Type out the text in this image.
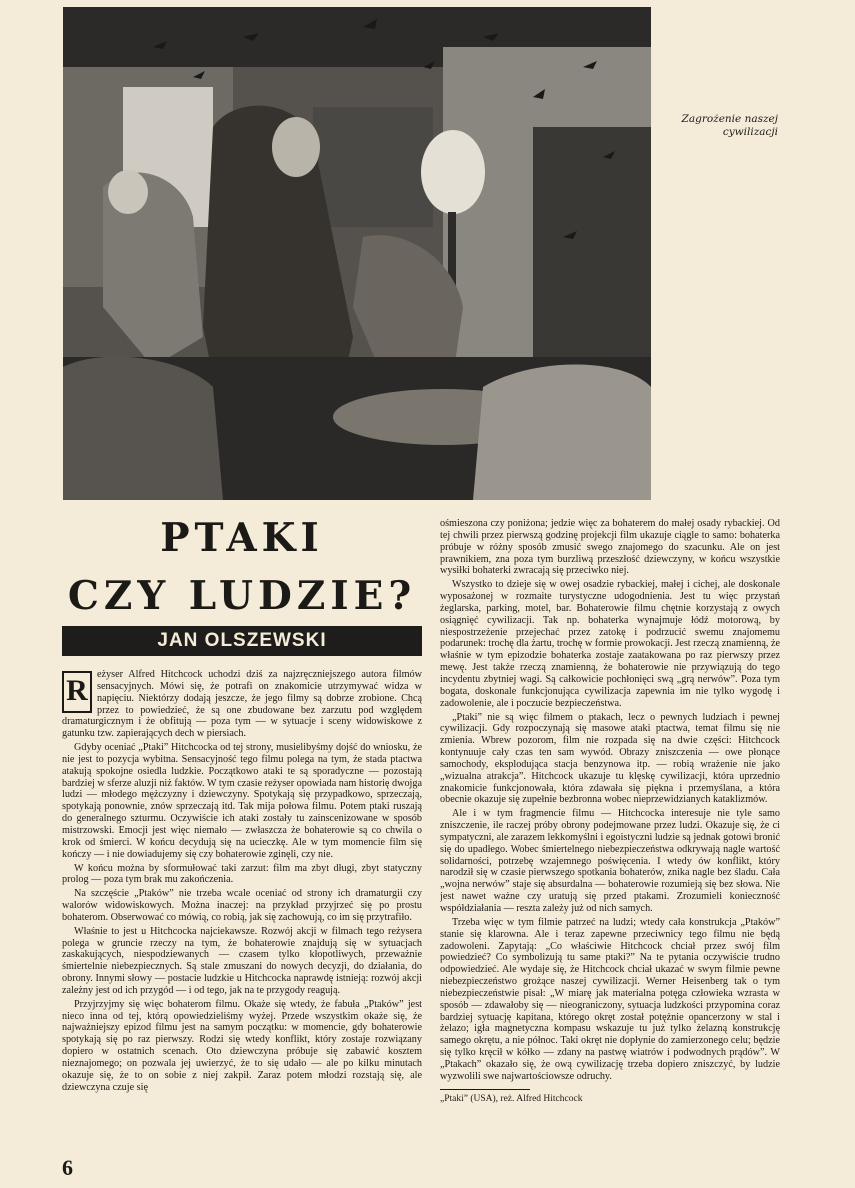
Zagrożenie naszej
cywilizacji
PTAKI
CZY LUDZIE?
JAN OLSZEWSKI

R eżyser Alfred Hitchcock uchodzi dziś za najzręczniejszego autora filmów sensacyjnych. Mówi się, że potrafi on znakomicie utrzymywać widza w napięciu. Niektórzy dodają jeszcze, że jego filmy są dobrze zrobione. Chcą przez to powiedzieć, że są one zbudowane bez zarzutu pod względem dramaturgicznym i że obfitują — poza tym — w sytuacje i sceny widowiskowe z gatunku tzw. zapierających dech w piersiach.

Gdyby oceniać „Ptaki” Hitchcocka od tej strony, musielibyśmy dojść do wniosku, że nie jest to pozycja wybitna. Sensacyjność tego filmu polega na tym, że stada ptactwa atakują spokojne osiedla ludzkie. Początkowo ataki te są sporadyczne — pozostają bardziej w sferze aluzji niż faktów. W tym czasie reżyser opowiada nam historię dwojga ludzi — młodego mężczyzny i dziewczyny. Spotykają się przypadkowo, sprzeczają, spotykają ponownie, znów sprzeczają itd. Tak mija połowa filmu. Potem ptaki ruszają do generalnego szturmu. Oczywiście ich ataki zostały tu zainscenizowane w sposób mistrzowski. Emocji jest więc niemało — zwłaszcza że bohaterowie są co chwila o krok od śmierci. W końcu decydują się na ucieczkę. Ale w tym momencie film się kończy — i nie dowiadujemy się czy bohaterowie zginęli, czy nie.

W końcu można by sformułować taki zarzut: film ma zbyt długi, zbyt statyczny prolog — poza tym brak mu zakończenia.

Na szczęście „Ptaków” nie trzeba wcale oceniać od strony ich dramaturgii czy walorów widowiskowych. Można inaczej: na przykład przyjrzeć się po prostu bohaterom. Obserwować co mówią, co robią, jak się zachowują, co im się przytrafiło.

Właśnie to jest u Hitchcocka najciekawsze. Rozwój akcji w filmach tego reżysera polega w gruncie rzeczy na tym, że bohaterowie znajdują się w sytuacjach zaskakujących, niespodziewanych — czasem tylko kłopotliwych, przeważnie śmiertelnie niebezpiecznych. Są stale zmuszani do nowych decyzji, do działania, do obrony. Innymi słowy — postacie ludzkie u Hitchcocka naprawdę istnieją: rozwój akcji zależny jest od ich przygód — i od tego, jak na te przygody reagują.

Przyjrzyjmy się więc bohaterom filmu. Okaże się wtedy, że fabuła „Ptaków” jest nieco inna od tej, którą opowiedzieliśmy wyżej. Przede wszystkim okaże się, że najważniejszy epizod filmu jest na samym początku: w momencie, gdy bohaterowie spotykają się po raz pierwszy. Rodzi się wtedy konflikt, który zostaje rozwiązany dopiero w ostatnich scenach. Oto dziewczyna próbuje się zabawić kosztem nieznajomego; on pozwala jej uwierzyć, że to się udało — ale po kilku minutach okazuje się, że to on sobie z niej zakpił. Zaraz potem młodzi rozstają się, ale dziewczyna czuje się

ośmieszona czy poniżona; jedzie więc za bohaterem do małej osady rybackiej. Od tej chwili przez pierwszą godzinę projekcji film ukazuje ciągle to samo: bohaterka próbuje w różny sposób zmusić swego znajomego do szacunku. Ale on jest prawnikiem, zna poza tym burzliwą przeszłość dziewczyny, w końcu wszystkie wysiłki bohaterki zwracają się przeciwko niej.

Wszystko to dzieje się w owej osadzie rybackiej, małej i cichej, ale doskonale wyposażonej w rozmaite turystyczne udogodnienia. Jest tu więc przystań żeglarska, parking, motel, bar. Bohaterowie filmu chętnie korzystają z owych osiągnięć cywilizacji. Tak np. bohaterka wynajmuje łódź motorową, by niespostrzeżenie przejechać przez zatokę i podrzucić swemu znajomemu podarunek: trochę dla żartu, trochę w formie prowokacji. Jest rzeczą znamienną, że właśnie w tym epizodzie bohaterka zostaje zaatakowana po raz pierwszy przez mewę. Jest także rzeczą znamienną, że bohaterowie nie przywiązują do tego incydentu zbytniej wagi. Są całkowicie pochłonięci swą „grą nerwów”. Poza tym bogata, doskonale funkcjonująca cywilizacja zapewnia im nie tylko wygodę i zadowolenie, ale i poczucie bezpieczeństwa.

„Ptaki” nie są więc filmem o ptakach, lecz o pewnych ludziach i pewnej cywilizacji. Gdy rozpoczynają się masowe ataki ptactwa, temat filmu się nie zmienia. Wbrew pozorom, film nie rozpada się na dwie części: Hitchcock kontynuuje cały czas ten sam wywód. Obrazy zniszczenia — owe płonące samochody, eksplodująca stacja benzynowa itp. — robią wrażenie nie jako „wizualna atrakcja”. Hitchcock ukazuje tu klęskę cywilizacji, która uprzednio znakomicie funkcjonowała, która zdawała się piękna i przemyślana, a która obecnie okazuje się zupełnie bezbronna wobec nieprzewidzianych kataklizmów.

Ale i w tym fragmencie filmu — Hitchcocka interesuje nie tyle samo zniszczenie, ile raczej próby obrony podejmowane przez ludzi. Okazuje się, że ci sympatyczni, ale zarazem lekkomyślni i egoistyczni ludzie są jednak gotowi bronić się do upadłego. Wobec śmiertelnego niebezpieczeństwa odkrywają nagle wartość solidarności, potrzebę wzajemnego poświęcenia. I wtedy ów konflikt, który narodził się w czasie pierwszego spotkania bohaterów, znika nagle bez śladu. Cała „wojna nerwów” staje się absurdalna — bohaterowie rozumieją się bez słowa. Nie jest nawet ważne czy uratują się przed ptakami. Zrozumieli konieczność współdziałania — reszta zależy już od nich samych.

Trzeba więc w tym filmie patrzeć na ludzi; wtedy cała konstrukcja „Ptaków” stanie się klarowna. Ale i teraz zapewne przeciwnicy tego filmu nie będą zadowoleni. Zapytają: „Co właściwie Hitchcock chciał przez swój film powiedzieć? Co symbolizują tu same ptaki?” Na te pytania oczywiście trudno odpowiedzieć. Ale wydaje się, że Hitchcock chciał ukazać w swym filmie pewne niebezpieczeństwo grożące naszej cywilizacji. Werner Heisenberg tak o tym niebezpieczeństwie pisał: „W miarę jak materialna potęga człowieka wzrasta w sposób — zdawałoby się — nieograniczony, sytuacja ludzkości przypomina coraz bardziej sytuację kapitana, którego okręt został potężnie opancerzony w stal i żelazo; igła magnetyczna kompasu wskazuje tu już tylko żelazną konstrukcję samego okrętu, a nie północ. Taki okręt nie dopłynie do zamierzonego celu; będzie się tylko kręcił w kółko — zdany na pastwę wiatrów i podwodnych prądów”. W „Ptakach” okazało się, że ową cywilizację trzeba dopiero zniszczyć, by ludzie wyzwolili swe najwartościowsze odruchy.

„Ptaki” (USA), reż. Alfred Hitchcock

6
